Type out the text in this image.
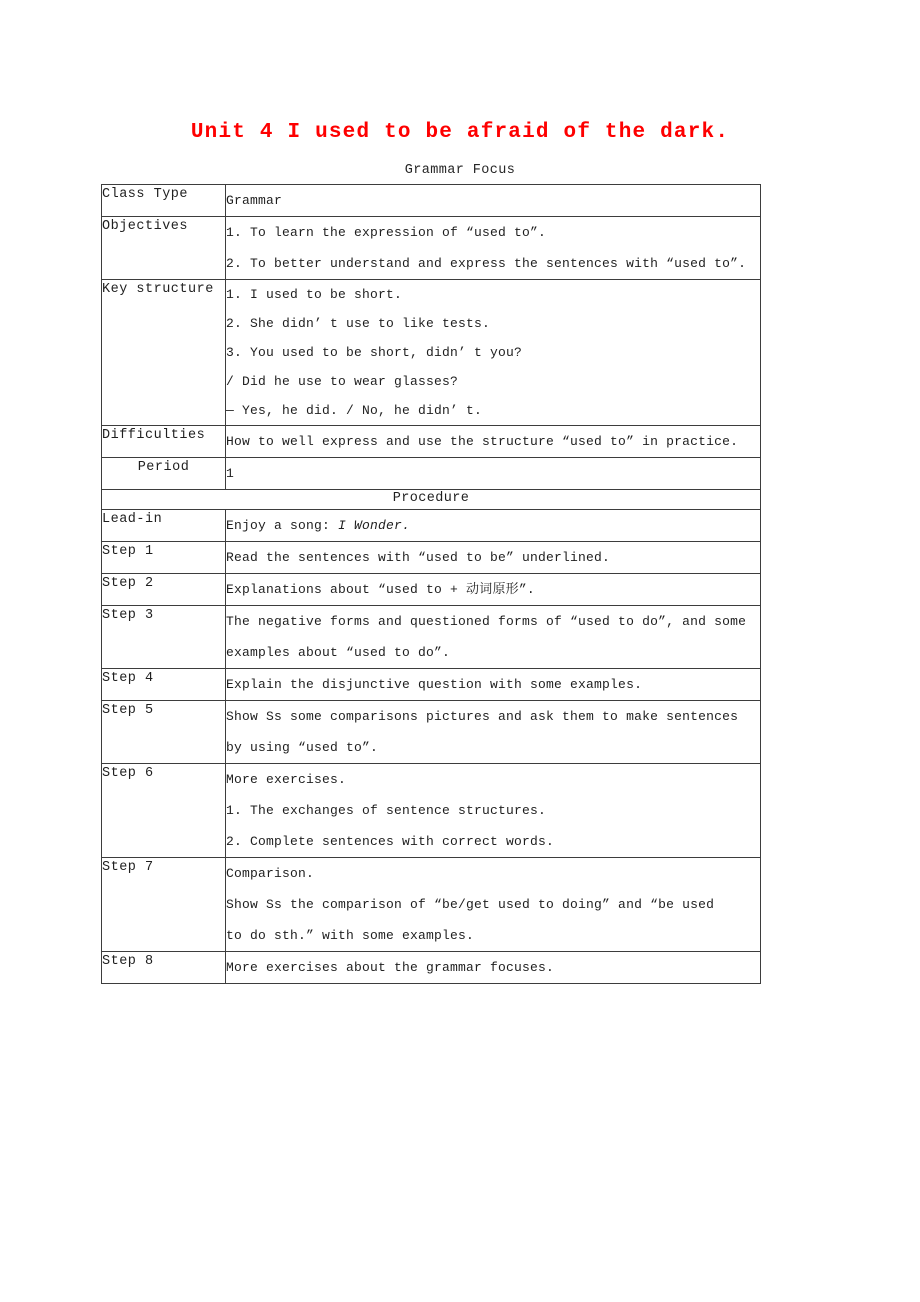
Unit 4 I used to be afraid of the dark.
Grammar Focus
Class Type	Grammar

Objectives	1. To learn the expression of “used to”.
2. To better understand and express the sentences with “used to”.

Key structure	1. I used to be short.
2. She didn’ t use to like tests.
3. You used to be short, didn’ t you?
/ Did he use to wear glasses?
— Yes, he did. / No, he didn’ t.

Difficulties	How to well express and use the structure “used to” in practice.

Period	1

Procedure	
Lead-in	Enjoy a song: I Wonder.

Step 1	Read the sentences with “used to be” underlined.

Step 2	Explanations about “used to + 动词原形”.

Step 3	The negative forms and questioned forms of “used to do”, and some
examples about “used to do”.

Step 4	Explain the disjunctive question with some examples.

Step 5	Show Ss some comparisons pictures and ask them to make sentences
by using “used to”.

Step 6	More exercises.
1. The exchanges of sentence structures.
2. Complete sentences with correct words.

Step 7	Comparison.
Show Ss the comparison of “be/get used to doing” and “be used
to do sth.” with some examples.

Step 8	More exercises about the grammar focuses.
